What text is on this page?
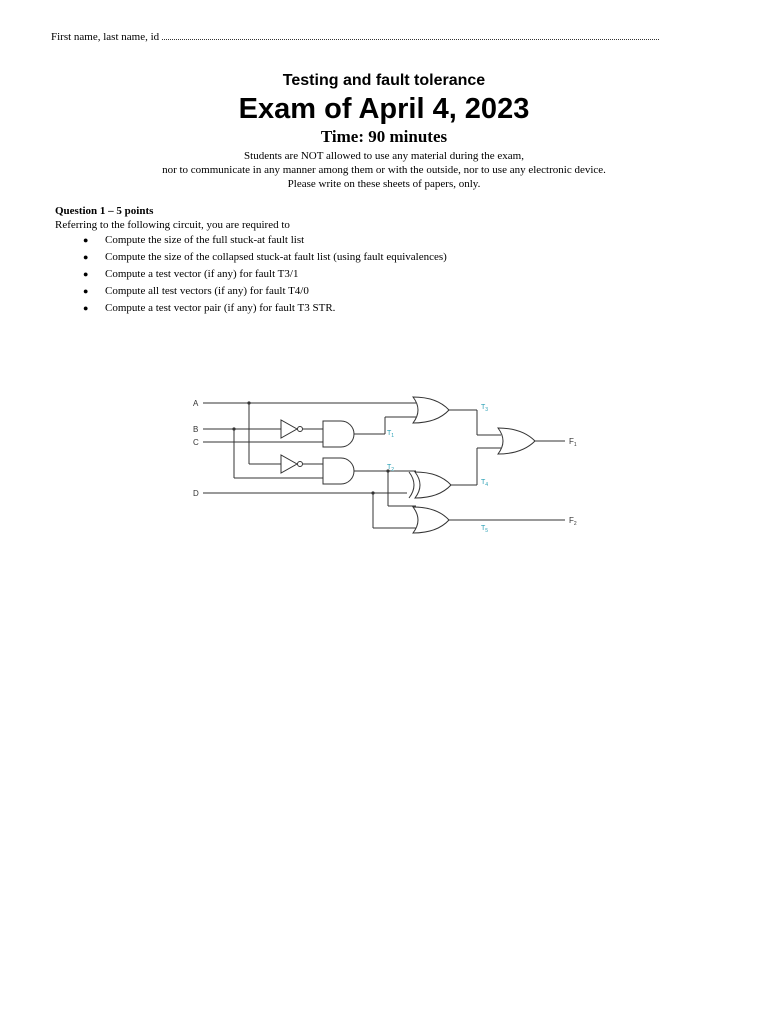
First name, last name, id
Testing and fault tolerance
Exam of April 4, 2023
Time: 90 minutes
Students are NOT allowed to use any material during the exam,
nor to communicate in any manner among them or with the outside, nor to use any electronic device.
Please write on these sheets of papers, only.
Question 1 – 5 points
Referring to the following circuit, you are required to
● Compute the size of the full stuck-at fault list
● Compute the size of the collapsed stuck-at fault list (using fault equivalences)
● Compute a test vector (if any) for fault T3/1
● Compute all test vectors (if any) for fault T4/0
● Compute a test vector pair (if any) for fault T3 STR.
A
B
C
D
$F_1$
$F_2$
$T_1$
$T_2$
$T_3$
$T_4$
$T_5$
